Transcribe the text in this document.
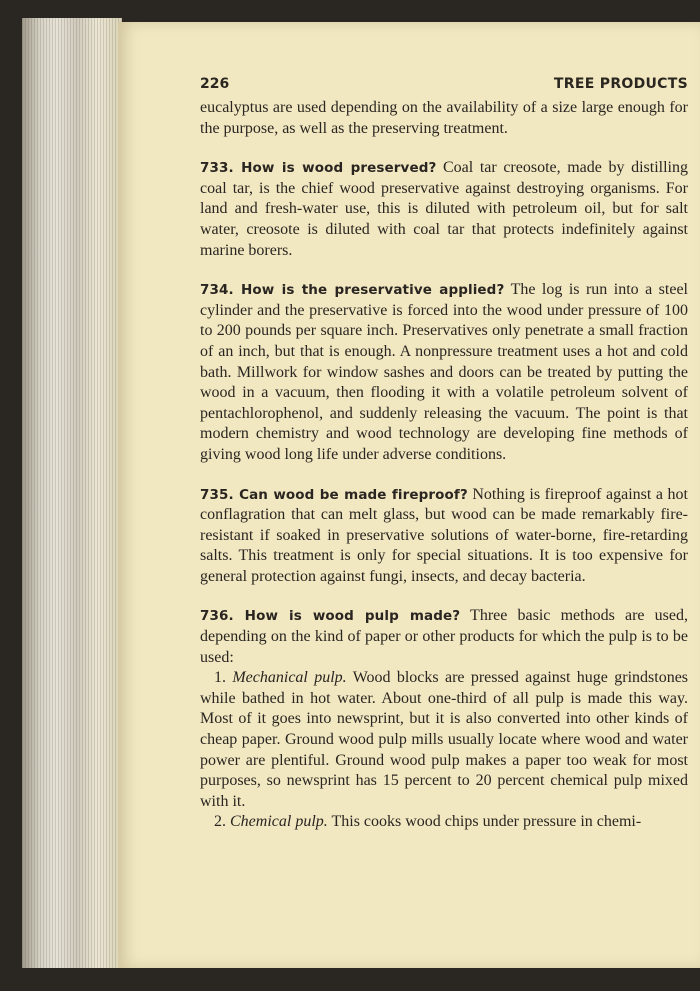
226	TREE PRODUCTS

eucalyptus are used depending on the availability of a size large enough for the purpose, as well as the preserving treatment.

733. How is wood preserved? Coal tar creosote, made by distilling coal tar, is the chief wood preservative against destroying organisms. For land and fresh-water use, this is diluted with petroleum oil, but for salt water, creosote is diluted with coal tar that protects indefinitely against marine borers.

734. How is the preservative applied? The log is run into a steel cylinder and the preservative is forced into the wood under pressure of 100 to 200 pounds per square inch. Preservatives only penetrate a small fraction of an inch, but that is enough. A nonpressure treatment uses a hot and cold bath. Millwork for window sashes and doors can be treated by putting the wood in a vacuum, then flooding it with a volatile petroleum solvent of pentachlorophenol, and suddenly releasing the vacuum. The point is that modern chemistry and wood technology are developing fine methods of giving wood long life under adverse conditions.

735. Can wood be made fireproof? Nothing is fireproof against a hot conflagration that can melt glass, but wood can be made remarkably fire-resistant if soaked in preservative solutions of water-borne, fire-retarding salts. This treatment is only for special situations. It is too expensive for general protection against fungi, insects, and decay bacteria.

736. How is wood pulp made? Three basic methods are used, depending on the kind of paper or other products for which the pulp is to be used:

1. Mechanical pulp. Wood blocks are pressed against huge grindstones while bathed in hot water. About one-third of all pulp is made this way. Most of it goes into newsprint, but it is also converted into other kinds of cheap paper. Ground wood pulp mills usually locate where wood and water power are plentiful. Ground wood pulp makes a paper too weak for most purposes, so newsprint has 15 percent to 20 percent chemical pulp mixed with it.

2. Chemical pulp. This cooks wood chips under pressure in chemi-
